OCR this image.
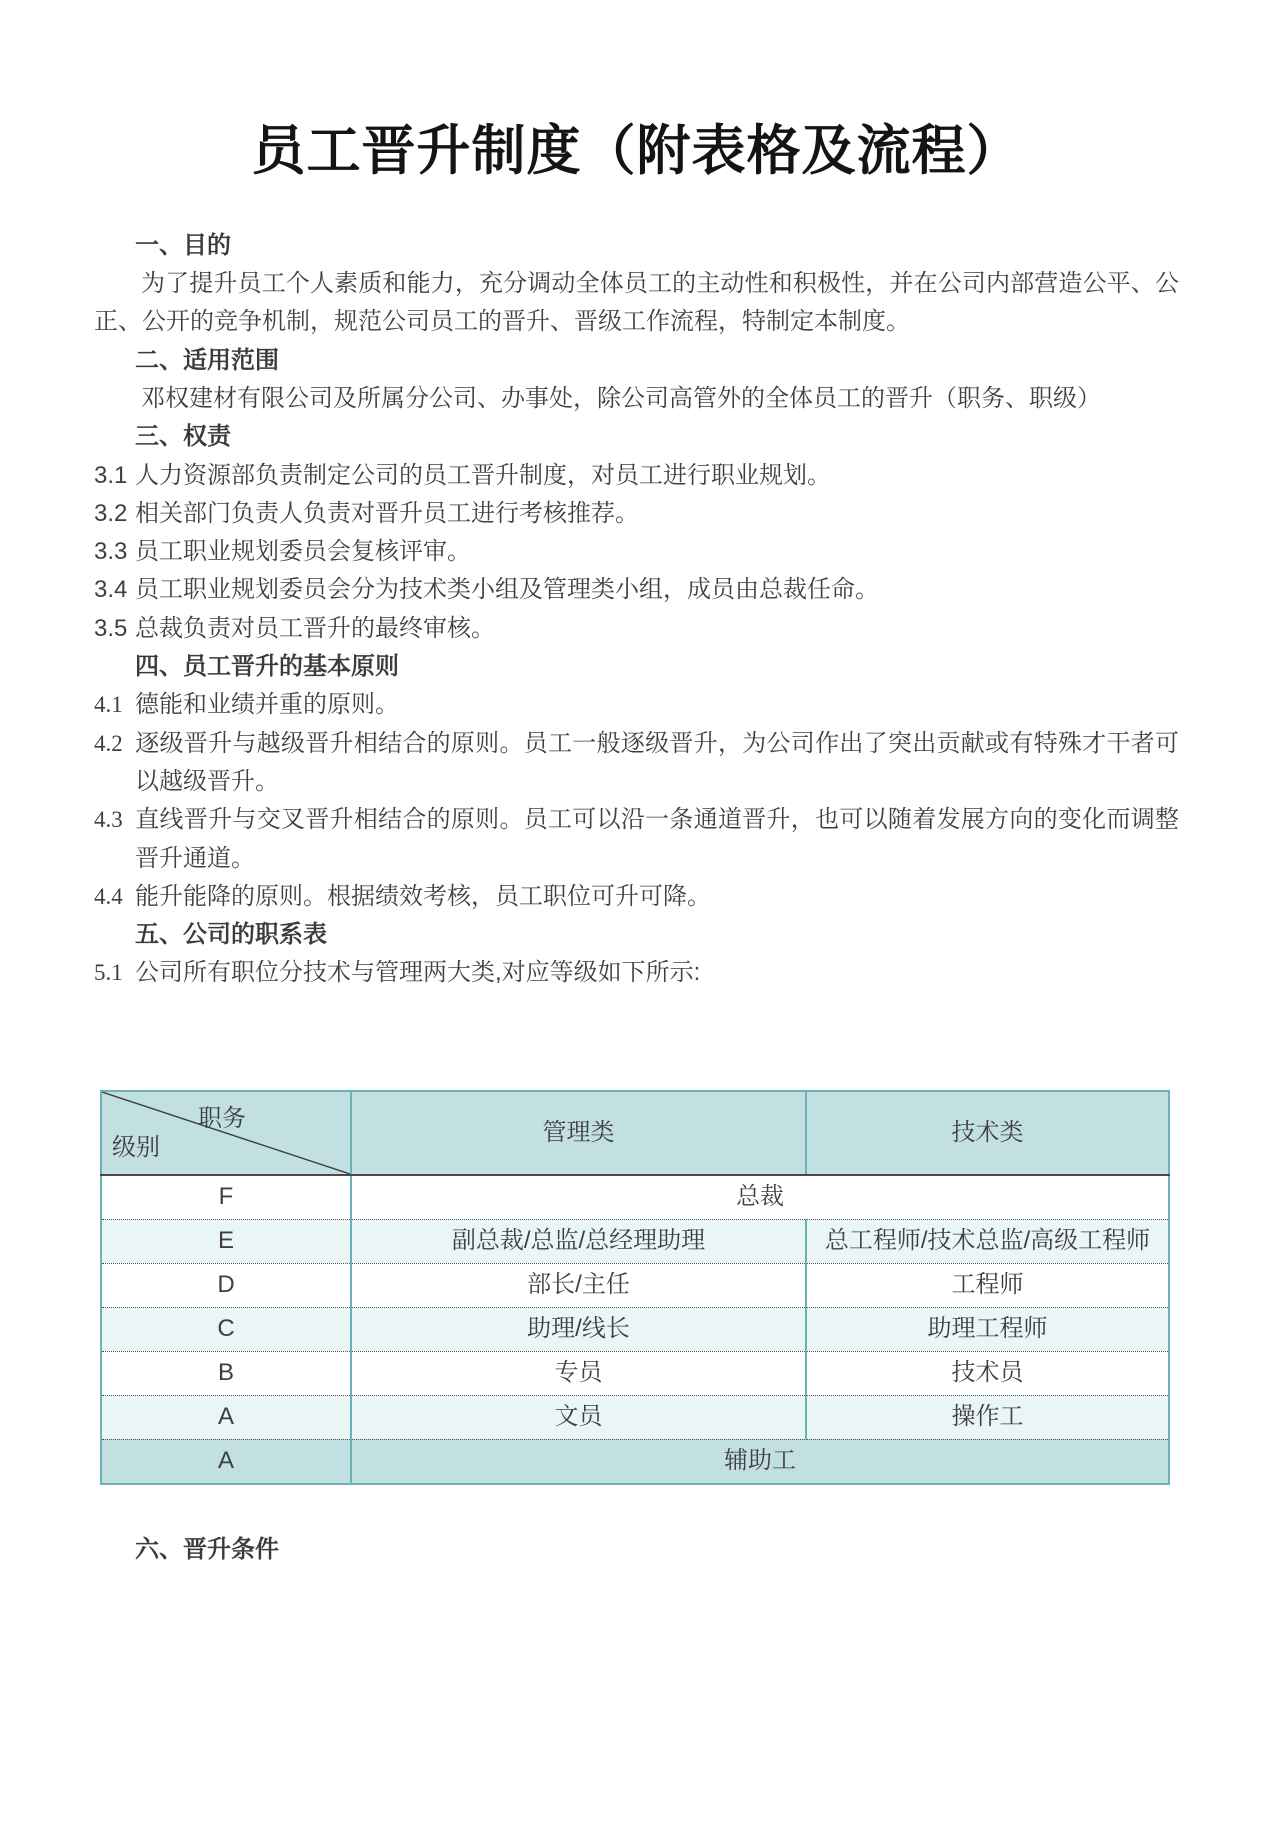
员工晋升制度（附表格及流程）

一、目的

为了提升员工个人素质和能力，充分调动全体员工的主动性和积极性，并在公司内部营造公平、公正、公开的竞争机制，规范公司员工的晋升、晋级工作流程，特制定本制度。

二、适用范围

邓权建材有限公司及所属分公司、办事处，除公司高管外的全体员工的晋升（职务、职级）

三、权责

3.1 人力资源部负责制定公司的员工晋升制度，对员工进行职业规划。

3.2 相关部门负责人负责对晋升员工进行考核推荐。

3.3 员工职业规划委员会复核评审。

3.4 员工职业规划委员会分为技术类小组及管理类小组，成员由总裁任命。

3.5 总裁负责对员工晋升的最终审核。

四、员工晋升的基本原则

4.1 德能和业绩并重的原则。

4.2 逐级晋升与越级晋升相结合的原则。员工一般逐级晋升，为公司作出了突出贡献或有特殊才干者可以越级晋升。

4.3 直线晋升与交叉晋升相结合的原则。员工可以沿一条通道晋升，也可以随着发展方向的变化而调整晋升通道。

4.4 能升能降的原则。根据绩效考核，员工职位可升可降。

五、公司的职系表

5.1 公司所有职位分技术与管理两大类,对应等级如下所示:

职务
级别	管理类	技术类
F	总裁	
E	副总裁/总监/总经理助理	总工程师/技术总监/高级工程师
D	部长/主任	工程师
C	助理/线长	助理工程师
B	专员	技术员
A	文员	操作工
A	辅助工	

六、晋升条件
